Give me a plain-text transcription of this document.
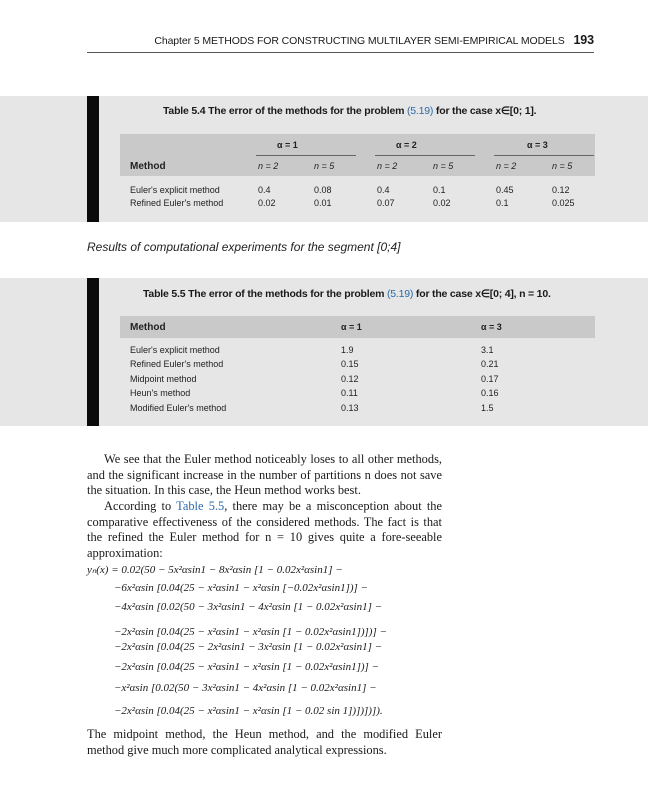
Chapter 5 METHODS FOR CONSTRUCTING MULTILAYER SEMI-EMPIRICAL MODELS 193
Table 5.4 The error of the methods for the problem (5.19) for the case x∈[0; 1].
α = 1	α = 2	α = 3
Method	n = 2	n = 5	n = 2	n = 5	n = 2	n = 5
Euler's explicit method	0.4	0.08	0.4	0.1	0.45	0.12
Refined Euler's method	0.02	0.01	0.07	0.02	0.1	0.025
Results of computational experiments for the segment [0;4]
Table 5.5 The error of the methods for the problem (5.19) for the case x∈[0; 4], n = 10.
Method	α = 1	α = 3
Euler's explicit method	1.9	3.1
Refined Euler's method	0.15	0.21
Midpoint method	0.12	0.17
Heun's method	0.11	0.16
Modified Euler's method	0.13	1.5
We see that the Euler method noticeably loses to all other methods, and the significant increase in the number of partitions n does not save the situation. In this case, the Heun method works best.
According to Table 5.5, there may be a misconception about the comparative effectiveness of the considered methods. The fact is that the refined the Euler method for n = 10 gives quite a fore-seeable approximation:
yₙ(x) = 0.02(50 − 5x²αsin1 − 8x²αsin [1 − 0.02x²αsin1] −
−6x²αsin [0.04(25 − x²αsin1 − x²αsin [−0.02x²αsin1])] −
−4x²αsin [0.02(50 − 3x²αsin1 − 4x²αsin [1 − 0.02x²αsin1] −
−2x²αsin [0.04(25 − x²αsin1 − x²αsin [1 − 0.02x²αsin1])])] −
−2x²αsin [0.04(25 − 2x²αsin1 − 3x²αsin [1 − 0.02x²αsin1] −
−2x²αsin [0.04(25 − x²αsin1 − x²αsin [1 − 0.02x²αsin1])] −
−x²αsin [0.02(50 − 3x²αsin1 − 4x²αsin [1 − 0.02x²αsin1] −
−2x²αsin [0.04(25 − x²αsin1 − x²αsin [1 − 0.02 sin 1])])])]).
The midpoint method, the Heun method, and the modified Euler method give much more complicated analytical expressions.
